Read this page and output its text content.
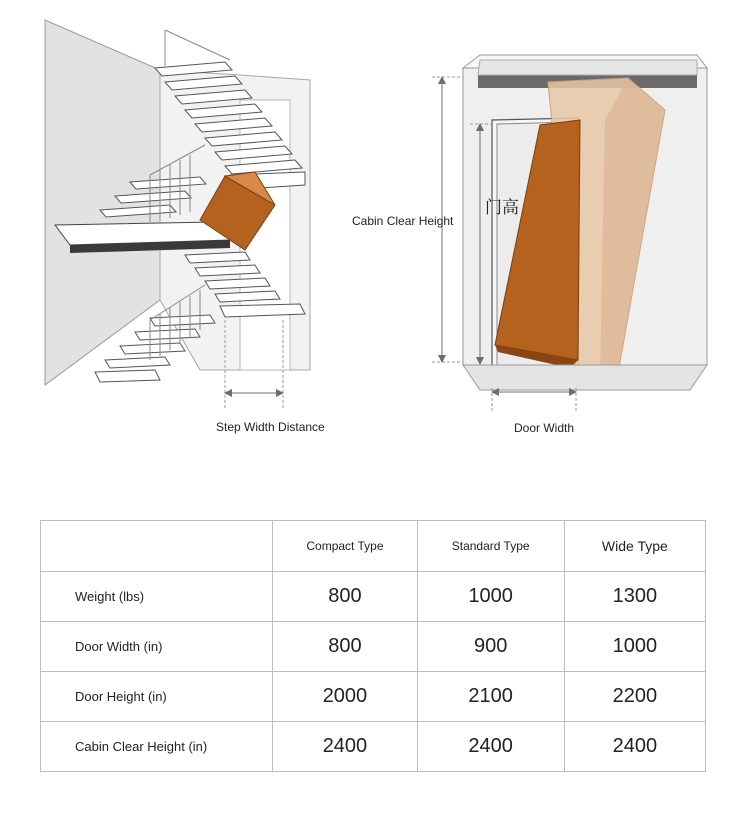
Step Width Distance	Door Width
Cabin Clear Height
门高
	Compact Type	Standard Type	Wide Type
Weight (lbs)	800	1000	1300
Door Width (in)	800	900	1000
Door Height (in)	2000	2100	2200
Cabin Clear Height (in)	2400	2400	2400
